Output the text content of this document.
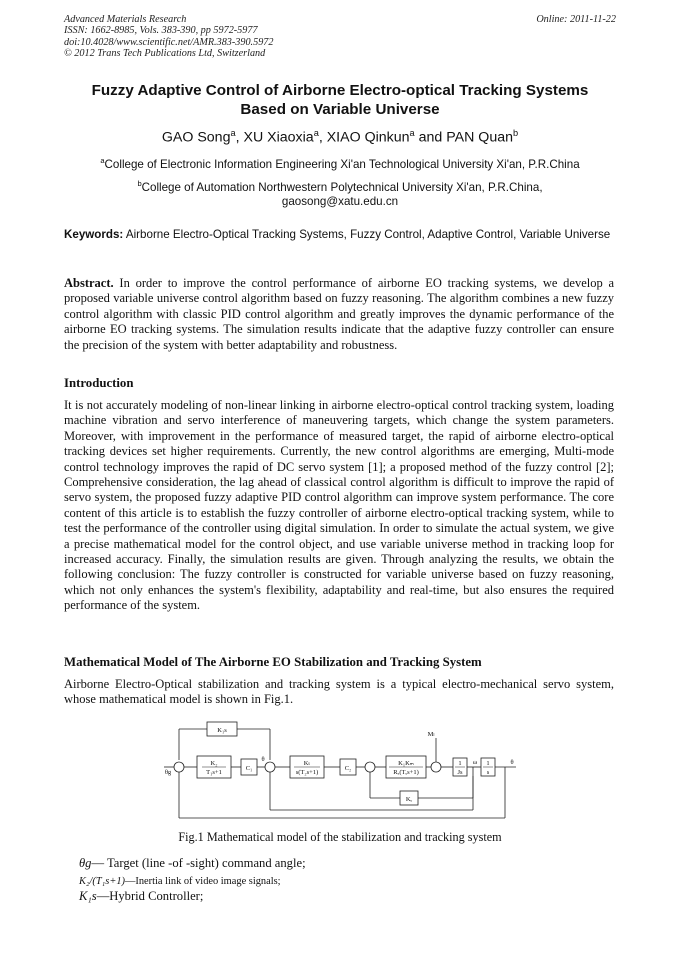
Advanced Materials Research
ISSN: 1662-8985, Vols. 383-390, pp 5972-5977
doi:10.4028/www.scientific.net/AMR.383-390.5972
© 2012 Trans Tech Publications Ltd, Switzerland
Online: 2011-11-22
Fuzzy Adaptive Control of Airborne Electro-optical Tracking Systems
Based on Variable Universe
GAO Song$^a$, XU Xiaoxia$^a$, XIAO Qinkun$^a$ and PAN Quan$^b$
$^a$College of Electronic Information Engineering Xi'an Technological University Xi'an, P.R.China
$^b$College of Automation Northwestern Polytechnical University Xi'an, P.R.China,
gaosong@xatu.edu.cn
Keywords: Airborne Electro-Optical Tracking Systems, Fuzzy Control, Adaptive Control, Variable Universe
Abstract. In order to improve the control performance of airborne EO tracking systems, we develop a proposed variable universe control algorithm based on fuzzy reasoning. The algorithm combines a new fuzzy control algorithm with classic PID control algorithm and greatly improves the dynamic performance of the airborne EO tracking systems. The simulation results indicate that the adaptive fuzzy controller can ensure the precision of the system with better adaptability and robustness.
Introduction
It is not accurately modeling of non-linear linking in airborne electro-optical control tracking system, loading machine vibration and servo interference of maneuvering targets, which change the system parameters. Moreover, with improvement in the performance of measured target, the rapid of airborne electro-optical tracking devices set higher requirements. Currently, the new control algorithms are emerging, Multi-mode control technology improves the rapid of DC servo system [1]; a proposed method of the fuzzy control [2]; Comprehensive consideration, the lag ahead of classical control algorithm is difficult to improve the rapid of servo system, the proposed fuzzy adaptive PID control algorithm can improve system performance. The core content of this article is to establish the fuzzy controller of airborne electro-optical tracking system, while to test the performance of the controller using digital simulation. In order to simulate the actual system, we give a precise mathematical model for the control object, and use variable universe method in tracking loop for increased accuracy. Finally, the simulation results are given. Through analyzing the results, we obtain the following conclusion: The fuzzy controller is constructed for variable universe based on fuzzy reasoning, which not only enhances the system's flexibility, adaptability and real-time, but also ensures the required performance of the system.
Mathematical Model of The Airborne EO Stabilization and Tracking System
Airborne Electro-Optical stabilization and tracking system is a typical electro-mechanical servo system, whose mathematical model is shown in Fig.1.
K₁s
K₂
T₁s+1
C₁
Kₜ
s(T₂s+1)
C₂
K₁Kₘ
Rₐ(Tₑs+1)
Kₑ
1
Js
1
s
θg
θ
Mₗ
ω	θ
Fig.1 Mathematical model of the stabilization and tracking system
θg— Target (line -of -sight) command angle;
K₂/(T₁s+1)—Inertia link of video image signals;
K₁s—Hybrid Controller;
